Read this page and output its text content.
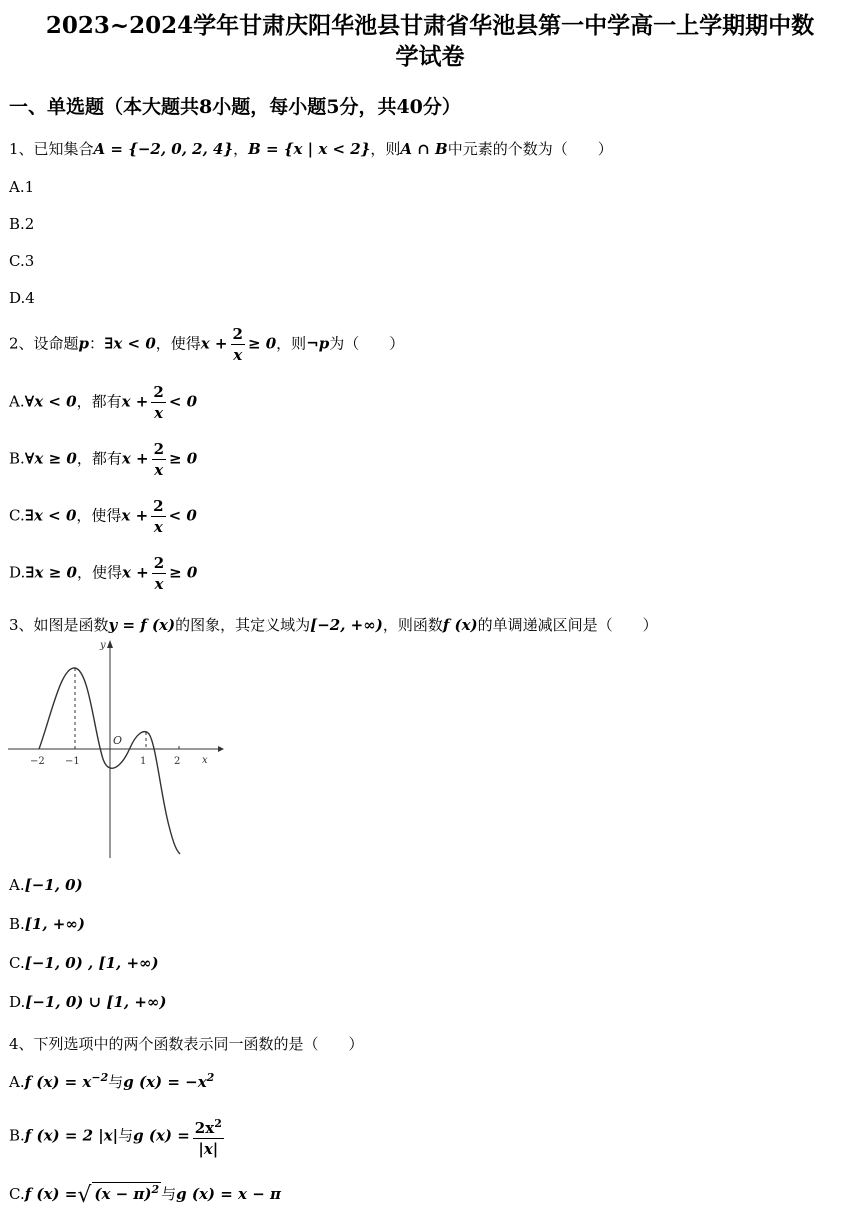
2023~2024学年甘肃庆阳华池县甘肃省华池县第一中学高一上学期期中数
学试卷
一、单选题（本大题共8小题，每小题5分，共40分）
1、已知集合A = {−2, 0, 2, 4}，B = {x | x < 2}，则A ∩ B中元素的个数为（　　）
A.1
B.2
C.3
D.4
2、设命题p：∃x < 0，使得$x + \frac{2}{x} \ge 0$，则¬p为（　　）
A.∀x < 0，都有$x + \frac{2}{x} < 0$
B.∀x ≥ 0，都有$x + \frac{2}{x} \ge 0$
C.∃x < 0，使得$x + \frac{2}{x} < 0$
D.∃x ≥ 0，使得$x + \frac{2}{x} \ge 0$
3、如图是函数y = f (x)的图象，其定义域为[−2, +∞)，则函数f (x)的单调递减区间是（　　）
y
O
x
−2 −1	1	2
A.[−1, 0)
B.[1, +∞)
C.[−1, 0) , [1, +∞)
D.[−1, 0) ∪ [1, +∞)
4、下列选项中的两个函数表示同一函数的是（　　）
A.f $(x) = x^{-2}$与g $(x) = -x^2$
B.f (x) = 2 |x|与g $(x) = \frac{2x^2}{|x|}$
C.f (x) =√ $(x - \pi)^2$ 与g (x) = x − π
